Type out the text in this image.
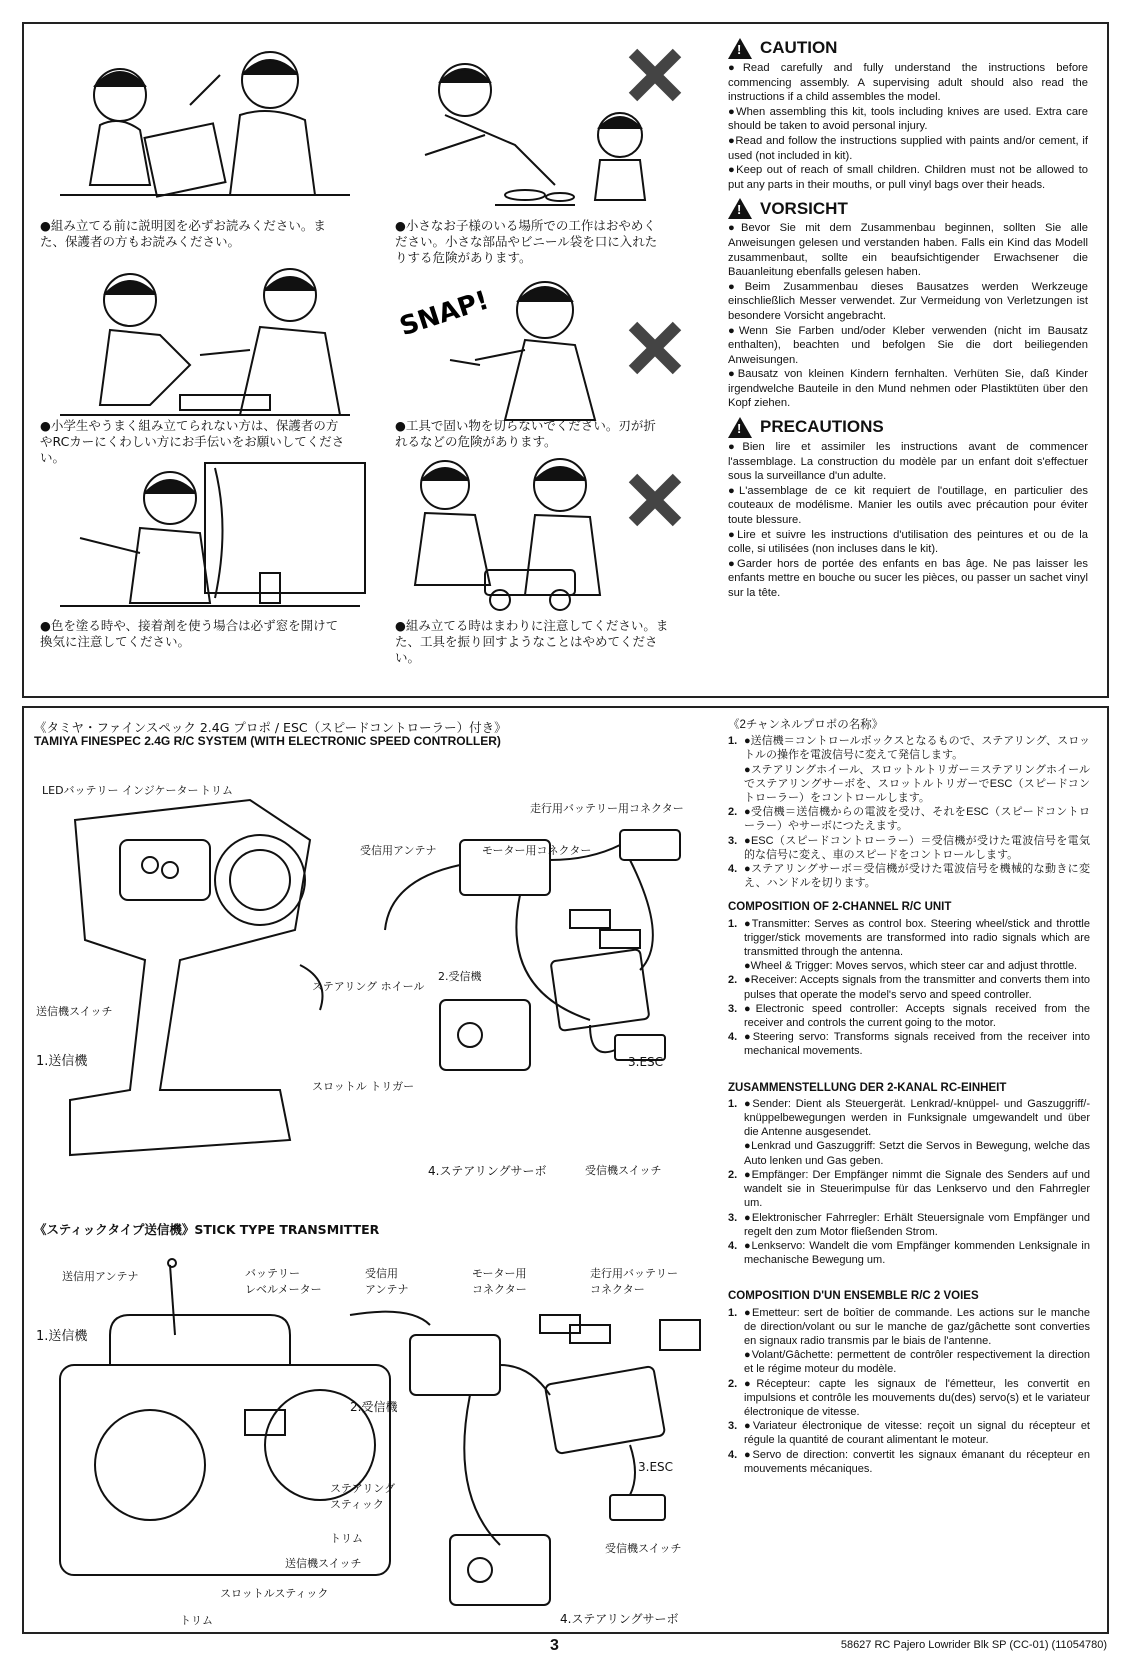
SNAP!
●組み立てる前に説明図を必ずお読みください。また、保護者の方もお読みください。
●小さなお子様のいる場所での工作はおやめください。小さな部品やビニール袋を口に入れたりする危険があります。
●小学生やうまく組み立てられない方は、保護者の方やRCカーにくわしい方にお手伝いをお願いしてください。
●工具で固い物を切らないでください。刃が折れるなどの危険があります。
●色を塗る時や、接着剤を使う場合は必ず窓を開けて換気に注意してください。
●組み立てる時はまわりに注意してください。また、工具を振り回すようなことはやめてください。
!
CAUTION

●Read carefully and fully understand the instructions before commencing assembly. A supervising adult should also read the instructions if a child assembles the model.

●When assembling this kit, tools including knives are used. Extra care should be taken to avoid personal injury.

●Read and follow the instructions supplied with paints and/or cement, if used (not included in kit).

●Keep out of reach of small children. Children must not be allowed to put any parts in their mouths, or pull vinyl bags over their heads.

!
VORSICHT

●Bevor Sie mit dem Zusammenbau beginnen, sollten Sie alle Anweisungen gelesen und verstanden haben. Falls ein Kind das Modell zusammenbaut, sollte ein beaufsichtigender Erwachsener die Bauanleitung ebenfalls gelesen haben.

●Beim Zusammenbau dieses Bausatzes werden Werkzeuge einschließlich Messer verwendet. Zur Vermeidung von Verletzungen ist besondere Vorsicht angebracht.

●Wenn Sie Farben und/oder Kleber verwenden (nicht im Bausatz enthalten), beachten und befolgen Sie die dort beiliegenden Anweisungen.

●Bausatz von kleinen Kindern fernhalten. Verhüten Sie, daß Kinder irgendwelche Bauteile in den Mund nehmen oder Plastiktüten über den Kopf ziehen.

!
PRECAUTIONS

●Bien lire et assimiler les instructions avant de commencer l'assemblage. La construction du modèle par un enfant doit s'effectuer sous la surveillance d'un adulte.

●L'assemblage de ce kit requiert de l'outillage, en particulier des couteaux de modélisme. Manier les outils avec précaution pour éviter toute blessure.

●Lire et suivre les instructions d'utilisation des peintures et ou de la colle, si utilisées (non incluses dans le kit).

●Garder hors de portée des enfants en bas âge. Ne pas laisser les enfants mettre en bouche ou sucer les pièces, ou passer un sachet vinyl sur la tête.

《タミヤ・ファインスペック 2.4G プロポ / ESC（スピードコントローラー）付き》
TAMIYA FINESPEC 2.4G R/C SYSTEM (WITH ELECTRONIC SPEED CONTROLLER)
LEDバッテリー インジケーター トリム
走行用バッテリー用コネクター
受信用アンテナ	モーター用コネクター
ステアリング ホイール
2.受信機
送信機スイッチ
1.送信機	3.ESC
スロットル トリガー
4.ステアリングサーボ	受信機スイッチ
《スティックタイプ送信機》STICK TYPE TRANSMITTER
送信用アンテナ	バッテリー
レベルメーター
受信用
アンテナ
モーター用
コネクター
走行用バッテリー
コネクター
1.送信機
2.受信機
ステアリング
スティック
3.ESC
トリム
送信機スイッチ
受信機スイッチ
スロットルスティック
トリム	4.ステアリングサーボ
《2チャンネルプロポの名称》
1. ●送信機＝コントロールボックスとなるもので、ステアリング、スロットルの操作を電波信号に変えて発信します。
●ステアリングホイール、スロットルトリガー＝ステアリングホイールでステアリングサーボを、スロットルトリガーでESC（スピードコントローラー）をコントロールします。
2. ●受信機＝送信機からの電波を受け、それをESC（スピードコントローラー）やサーボにつたえます。
3. ●ESC（スピードコントローラー）＝受信機が受けた電波信号を電気的な信号に変え、車のスピードをコントロールします。
4. ●ステアリングサーボ＝受信機が受けた電波信号を機械的な動きに変え、ハンドルを切ります。
COMPOSITION OF 2-CHANNEL R/C UNIT
1. ●Transmitter: Serves as control box. Steering wheel/stick and throttle trigger/stick movements are transformed into radio signals which are transmitted through the antenna.
●Wheel & Trigger: Moves servos, which steer car and adjust throttle.
2. ●Receiver: Accepts signals from the transmitter and converts them into pulses that operate the model's servo and speed controller.
3. ●Electronic speed controller: Accepts signals received from the receiver and controls the current going to the motor.
4. ●Steering servo: Transforms signals received from the receiver into mechanical movements.
ZUSAMMENSTELLUNG DER 2-KANAL RC-EINHEIT
1. ●Sender: Dient als Steuergerät. Lenkrad/-knüppel- und Gaszuggriff/- knüppelbewegungen werden in Funksignale umgewandelt und über die Antenne ausgesendet.
●Lenkrad und Gaszuggriff: Setzt die Servos in Bewegung, welche das Auto lenken und Gas geben.
2. ●Empfänger: Der Empfänger nimmt die Signale des Senders auf und wandelt sie in Steuerimpulse für das Lenkservo und den Fahrregler um.
3. ●Elektronischer Fahrregler: Erhält Steuersignale vom Empfänger und regelt den zum Motor fließenden Strom.
4. ●Lenkservo: Wandelt die vom Empfänger kommenden Lenksignale in mechanische Bewegung um.
COMPOSITION D'UN ENSEMBLE R/C 2 VOIES
1. ●Emetteur: sert de boîtier de commande. Les actions sur le manche de direction/volant ou sur le manche de gaz/gâchette sont converties en signaux radio transmis par le biais de l'antenne.
●Volant/Gâchette: permettent de contrôler respectivement la direction et le régime moteur du modèle.
2. ●Récepteur: capte les signaux de l'émetteur, les convertit en impulsions et contrôle les mouvements du(des) servo(s) et le variateur électronique de vitesse.
3. ●Variateur électronique de vitesse: reçoit un signal du récepteur et régule la quantité de courant alimentant le moteur.
4. ●Servo de direction: convertit les signaux émanant du récepteur en mouvements mécaniques.
3	58627 RC Pajero Lowrider Blk SP (CC-01) (11054780)
